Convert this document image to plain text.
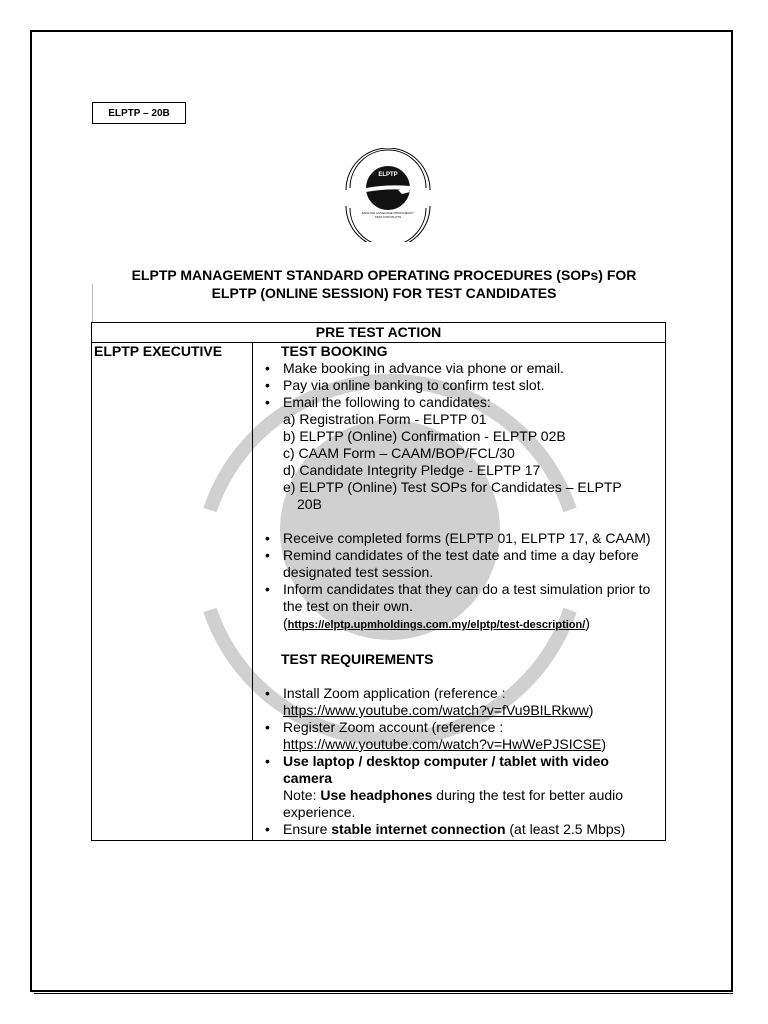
ELPTP – 20B
ELPTP
ENGLISH LANGUAGE PROFICIENCY
TEST FOR PILOTS
ELPTP MANAGEMENT STANDARD OPERATING PROCEDURES (SOPs) FOR
ELPTP (ONLINE SESSION) FOR TEST CANDIDATES
PRE TEST ACTION
ELPTP EXECUTIVE	TEST BOOKING
• Make booking in advance via phone or email.
• Pay via online banking to confirm test slot.
• Email the following to candidates:
a) Registration Form - ELPTP 01
b) ELPTP (Online) Confirmation - ELPTP 02B
c) CAAM Form – CAAM/BOP/FCL/30
d) Candidate Integrity Pledge - ELPTP 17
e) ELPTP (Online) Test SOPs for Candidates – ELPTP
20B
• Receive completed forms (ELPTP 01, ELPTP 17, & CAAM)
• Remind candidates of the test date and time a day before designated test session.
• Inform candidates that they can do a test simulation prior to the test on their own.
(https://elptp.upmholdings.com.my/elptp/test-description/)
TEST REQUIREMENTS
• Install Zoom application (reference :
https://www.youtube.com/watch?v=fVu9BILRkww)
• Register Zoom account (reference :
https://www.youtube.com/watch?v=HwWePJSICSE)
• Use laptop / desktop computer / tablet with video camera
Note: Use headphones during the test for better audio experience.
• Ensure stable internet connection (at least 2.5 Mbps)
